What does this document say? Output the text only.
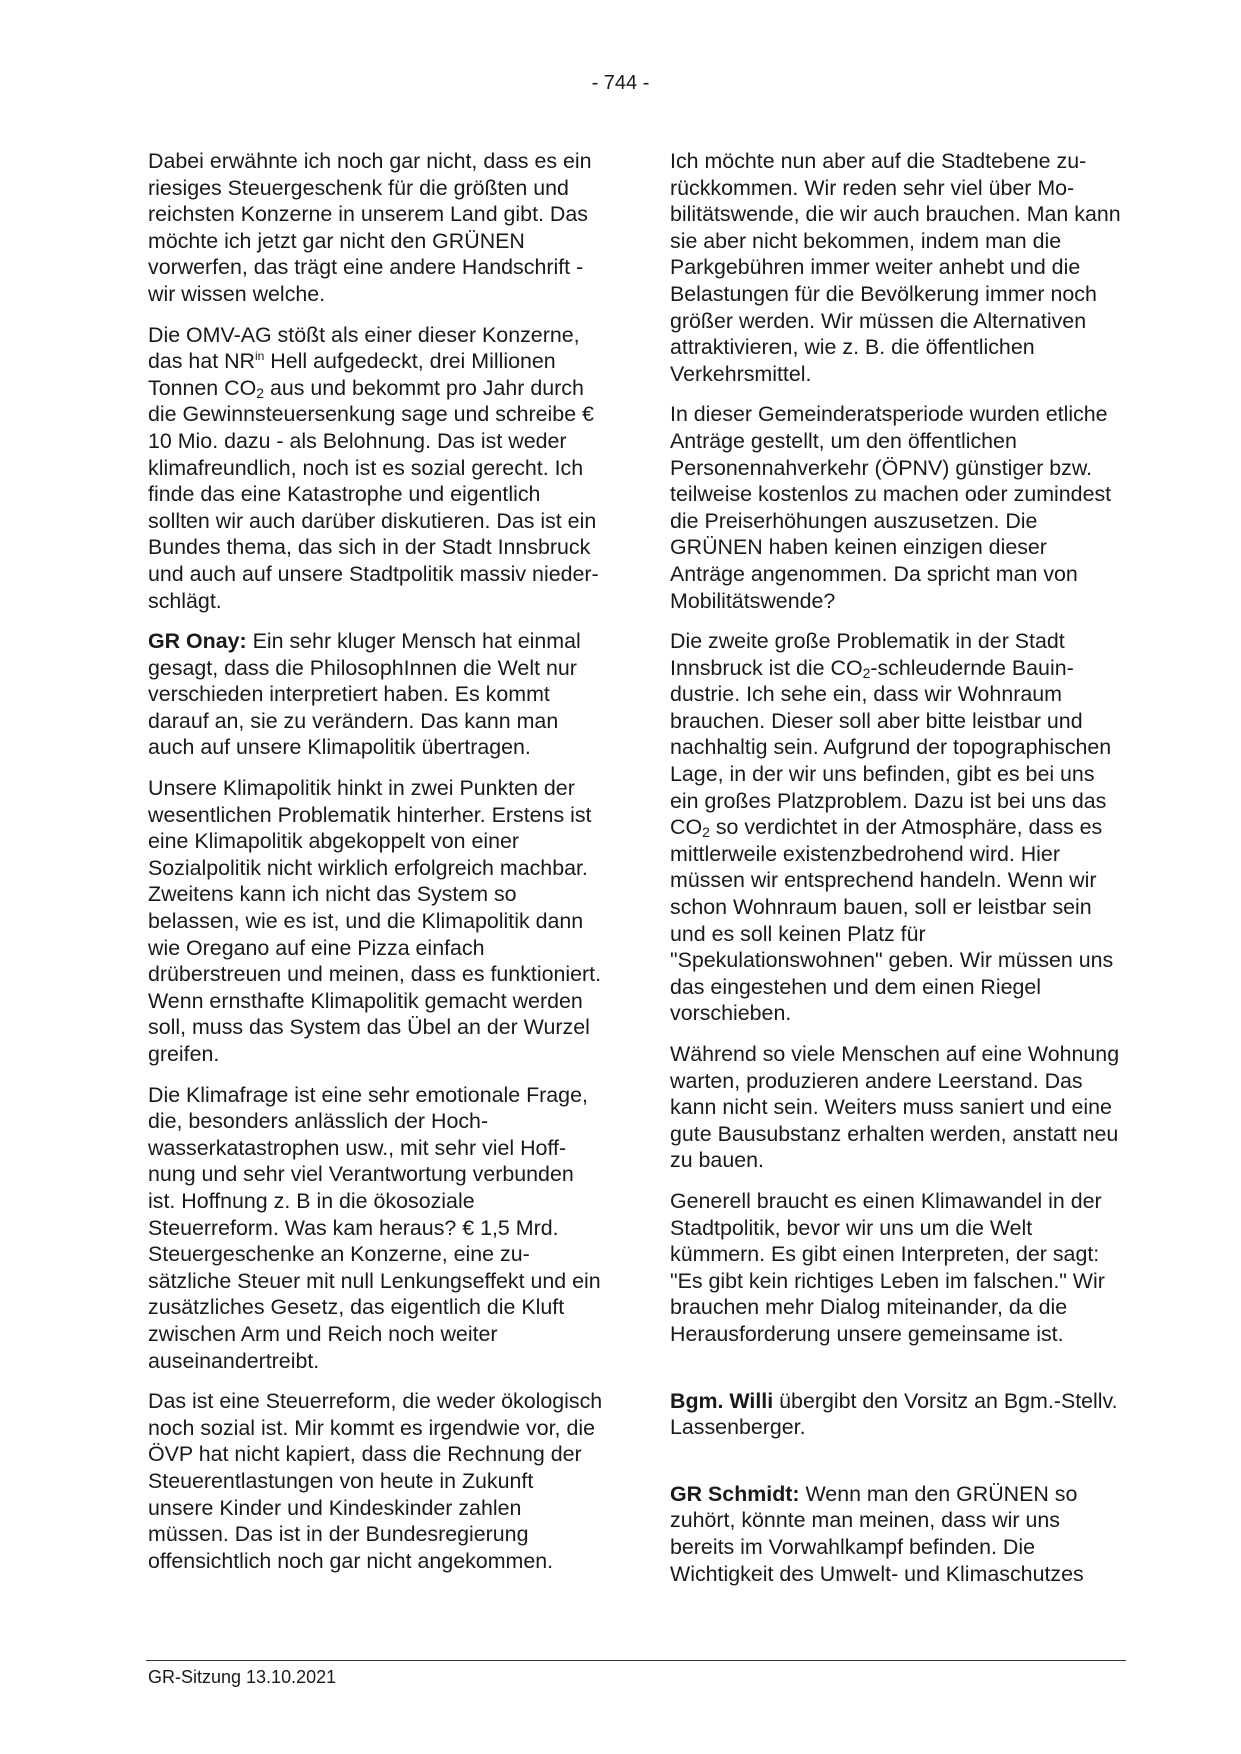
- 744 -

Dabei erwähnte ich noch gar nicht, dass es ein riesiges Steuergeschenk für die größten und reichsten Konzerne in unserem Land gibt. Das möchte ich jetzt gar nicht den GRÜNEN vorwerfen, das trägt eine andere Handschrift - wir wissen welche.

Die OMV-AG stößt als einer dieser Konzerne, das hat $NR^{in}$ Hell aufgedeckt, drei Millionen Tonnen $CO_2$ aus und bekommt pro Jahr durch die Gewinnsteuersenkung sage und schreibe € 10 Mio. dazu - als Belohnung. Das ist weder klimafreundlich, noch ist es sozial gerecht. Ich finde das eine Katastrophe und eigentlich sollten wir auch darüber diskutieren. Das ist ein Bundes thema, das sich in der Stadt Innsbruck und auch auf unsere Stadtpolitik massiv niederschlägt.

GR Onay: Ein sehr kluger Mensch hat einmal gesagt, dass die PhilosophInnen die Welt nur verschieden interpretiert haben. Es kommt darauf an, sie zu verändern. Das kann man auch auf unsere Klimapolitik übertragen.

Unsere Klimapolitik hinkt in zwei Punkten der wesentlichen Problematik hinterher. Erstens ist eine Klimapolitik abgekoppelt von einer Sozialpolitik nicht wirklich erfolgreich machbar. Zweitens kann ich nicht das System so belassen, wie es ist, und die Klimapolitik dann wie Oregano auf eine Pizza einfach drüberstreuen und meinen, dass es funktioniert. Wenn ernsthafte Klimapolitik gemacht werden soll, muss das System das Übel an der Wurzel greifen.

Die Klimafrage ist eine sehr emotionale Frage, die, besonders anlässlich der Hochwasserkatastrophen usw., mit sehr viel Hoffnung und sehr viel Verantwortung verbunden ist. Hoffnung z. B in die ökosoziale Steuerreform. Was kam heraus? € 1,5 Mrd. Steuergeschenke an Konzerne, eine zusätzliche Steuer mit null Lenkungseffekt und ein zusätzliches Gesetz, das eigentlich die Kluft zwischen Arm und Reich noch weiter auseinandertreibt.

Das ist eine Steuerreform, die weder ökologisch noch sozial ist. Mir kommt es irgendwie vor, die ÖVP hat nicht kapiert, dass die Rechnung der Steuerentlastungen von heute in Zukunft unsere Kinder und Kindeskinder zahlen müssen. Das ist in der Bundesregierung offensichtlich noch gar nicht angekommen.

Ich möchte nun aber auf die Stadtebene zurückkommen. Wir reden sehr viel über Mobilitätswende, die wir auch brauchen. Man kann sie aber nicht bekommen, indem man die Parkgebühren immer weiter anhebt und die Belastungen für die Bevölkerung immer noch größer werden. Wir müssen die Alternativen attraktivieren, wie z. B. die öffentlichen Verkehrsmittel.

In dieser Gemeinderatsperiode wurden etliche Anträge gestellt, um den öffentlichen Personennahverkehr (ÖPNV) günstiger bzw. teilweise kostenlos zu machen oder zumindest die Preiserhöhungen auszusetzen. Die GRÜNEN haben keinen einzigen dieser Anträge angenommen. Da spricht man von Mobilitätswende?

Die zweite große Problematik in der Stadt Innsbruck ist die $CO_2$-schleudernde Bauindustrie. Ich sehe ein, dass wir Wohnraum brauchen. Dieser soll aber bitte leistbar und nachhaltig sein. Aufgrund der topographischen Lage, in der wir uns befinden, gibt es bei uns ein großes Platzproblem. Dazu ist bei uns das $CO_2$ so verdichtet in der Atmosphäre, dass es mittlerweile existenzbedrohend wird. Hier müssen wir entsprechend handeln. Wenn wir schon Wohnraum bauen, soll er leistbar sein und es soll keinen Platz für "Spekulationswohnen" geben. Wir müssen uns das eingestehen und dem einen Riegel vorschieben.

Während so viele Menschen auf eine Wohnung warten, produzieren andere Leerstand. Das kann nicht sein. Weiters muss saniert und eine gute Bausubstanz erhalten werden, anstatt neu zu bauen.

Generell braucht es einen Klimawandel in der Stadtpolitik, bevor wir uns um die Welt kümmern. Es gibt einen Interpreten, der sagt: "Es gibt kein richtiges Leben im falschen." Wir brauchen mehr Dialog miteinander, da die Herausforderung unsere gemeinsame ist.

Bgm. Willi übergibt den Vorsitz an Bgm.-Stellv. Lassenberger.

GR Schmidt: Wenn man den GRÜNEN so zuhört, könnte man meinen, dass wir uns bereits im Vorwahlkampf befinden. Die Wichtigkeit des Umwelt- und Klimaschutzes

GR-Sitzung 13.10.2021
